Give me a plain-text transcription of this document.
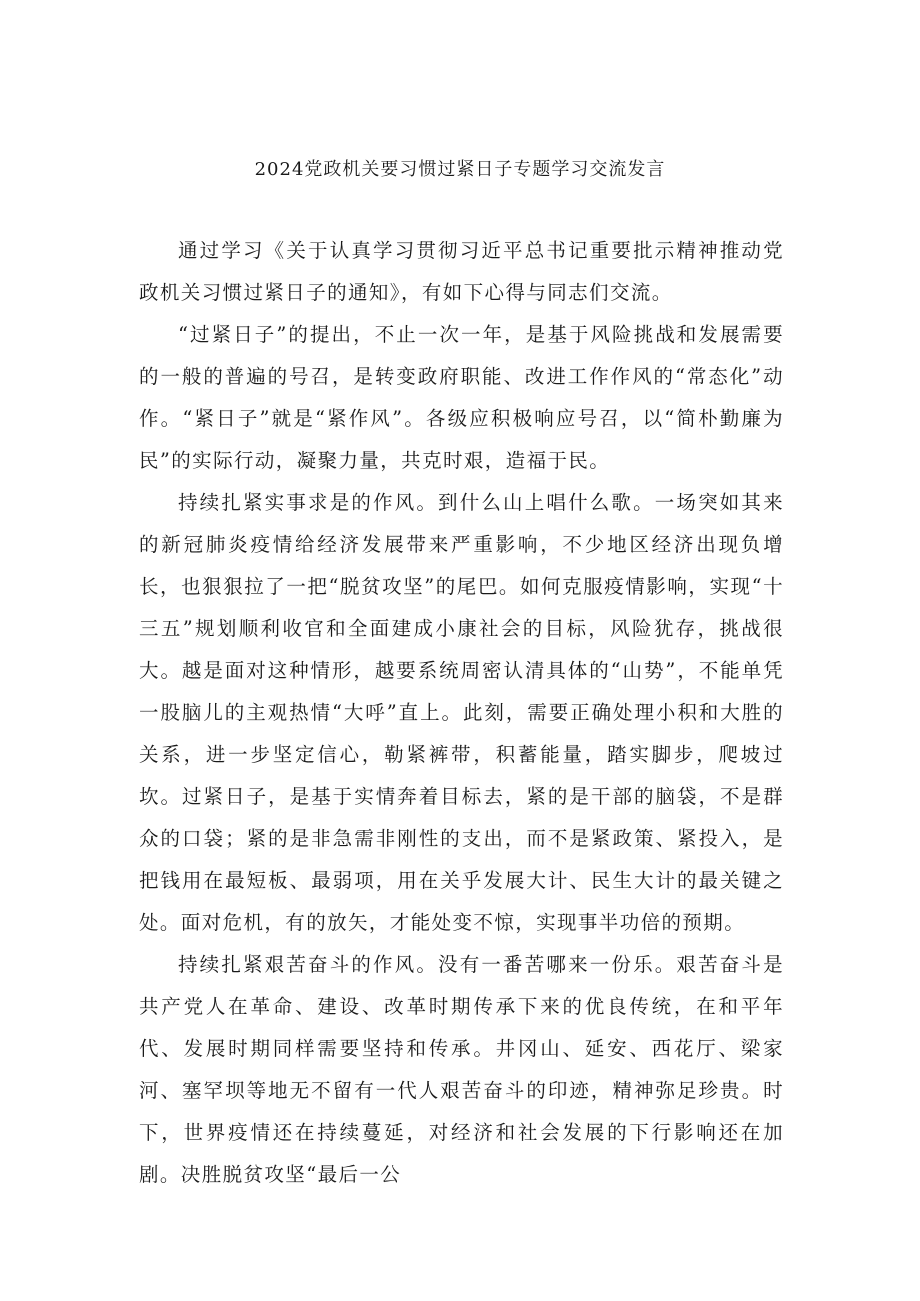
2024党政机关要习惯过紧日子专题学习交流发言

通过学习《关于认真学习贯彻习近平总书记重要批示精神推动党政机关习惯过紧日子的通知》，有如下心得与同志们交流。

“过紧日子”的提出，不止一次一年，是基于风险挑战和发展需要的一般的普遍的号召，是转变政府职能、改进工作作风的“常态化”动作。“紧日子”就是“紧作风”。各级应积极响应号召，以“简朴勤廉为民”的实际行动，凝聚力量，共克时艰，造福于民。

持续扎紧实事求是的作风。到什么山上唱什么歌。一场突如其来的新冠肺炎疫情给经济发展带来严重影响，不少地区经济出现负增长，也狠狠拉了一把“脱贫攻坚”的尾巴。如何克服疫情影响，实现“十三五”规划顺利收官和全面建成小康社会的目标，风险犹存，挑战很大。越是面对这种情形，越要系统周密认清具体的“山势”，不能单凭一股脑儿的主观热情“大呼”直上。此刻，需要正确处理小积和大胜的关系，进一步坚定信心，勒紧裤带，积蓄能量，踏实脚步，爬坡过坎。过紧日子，是基于实情奔着目标去，紧的是干部的脑袋，不是群众的口袋；紧的是非急需非刚性的支出，而不是紧政策、紧投入，是把钱用在最短板、最弱项，用在关乎发展大计、民生大计的最关键之处。面对危机，有的放矢，才能处变不惊，实现事半功倍的预期。

持续扎紧艰苦奋斗的作风。没有一番苦哪来一份乐。艰苦奋斗是共产党人在革命、建设、改革时期传承下来的优良传统，在和平年代、发展时期同样需要坚持和传承。井冈山、延安、西花厅、梁家河、塞罕坝等地无不留有一代人艰苦奋斗的印迹，精神弥足珍贵。时下，世界疫情还在持续蔓延，对经济和社会发展的下行影响还在加剧。决胜脱贫攻坚“最后一公
